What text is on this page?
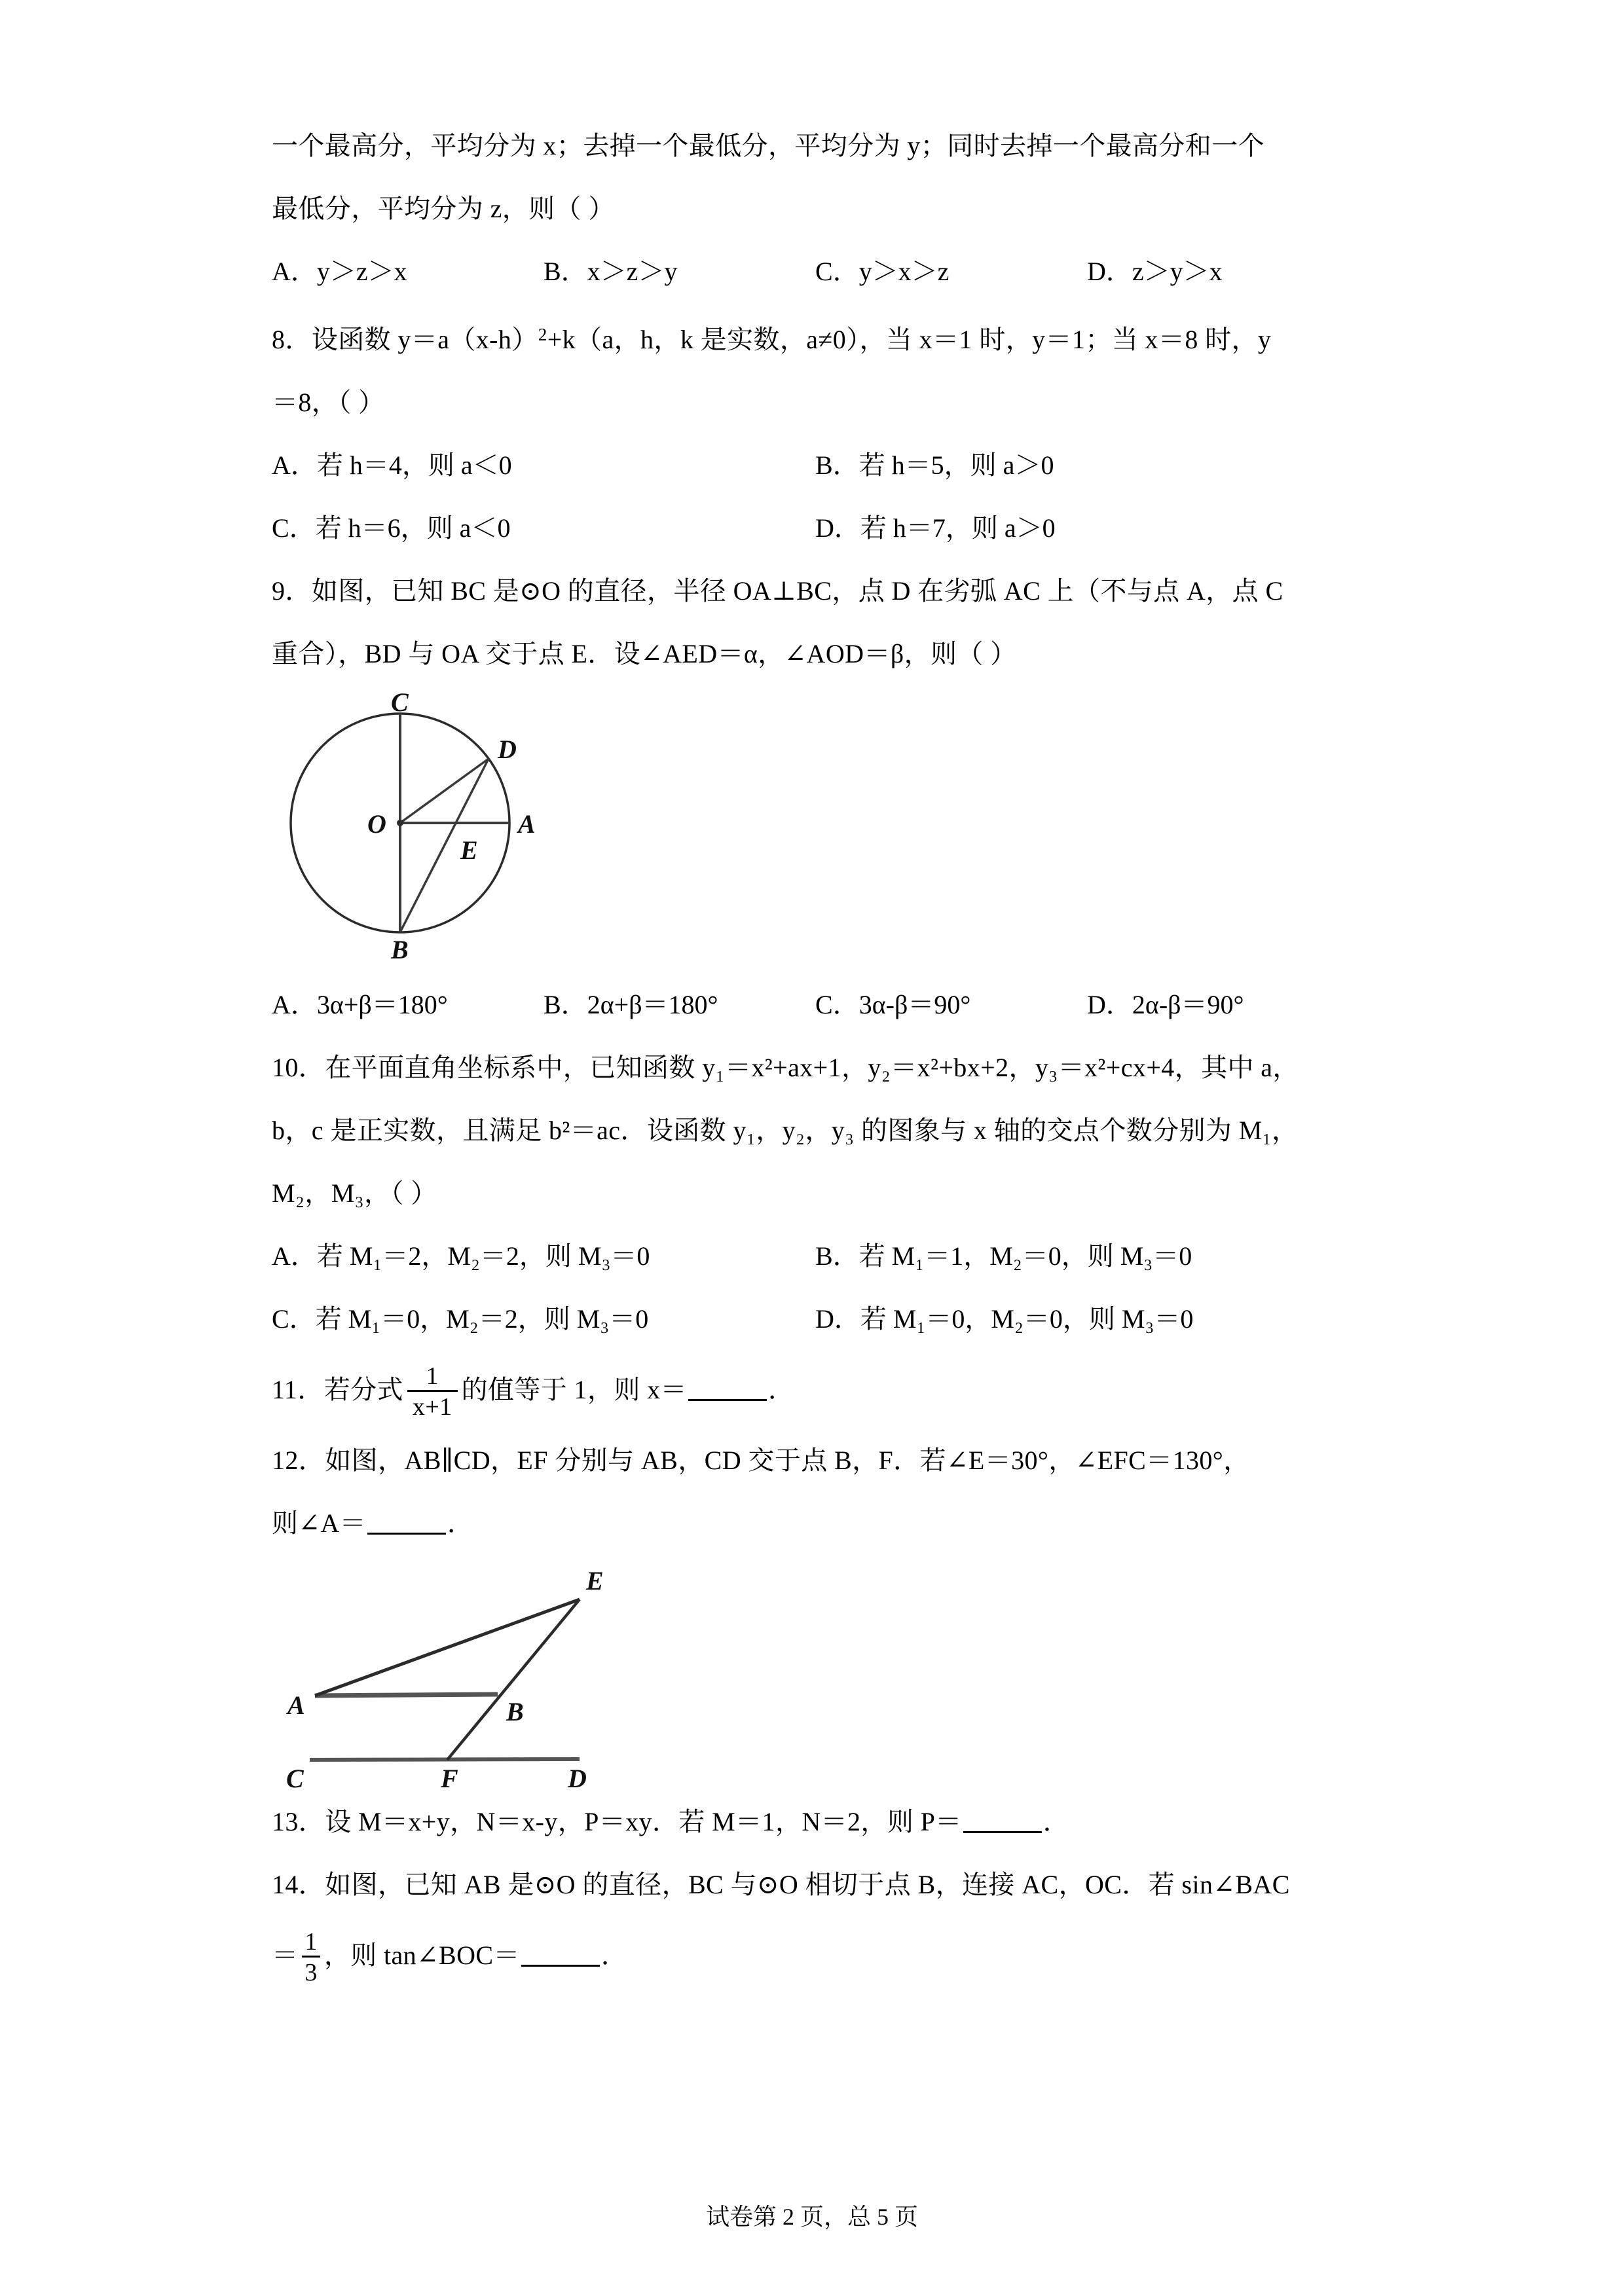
一个最高分，平均分为 x；去掉一个最低分，平均分为 y；同时去掉一个最高分和一个
最低分，平均分为 z，则（ ）
A．y＞z＞x	B．x＞z＞y	C．y＞x＞z	D．z＞y＞x
8．设函数 y＝a（x‑h）$^2$+k（a，h，k 是实数，a≠0），当 x＝1 时，y＝1；当 x＝8 时，y
＝8，（ ）
A．若 h＝4，则 a＜0	B．若 h＝5，则 a＞0
C．若 h＝6，则 a＜0	D．若 h＝7，则 a＞0
9．如图，已知 BC 是⊙O 的直径，半径 OA⊥BC，点 D 在劣弧 AC 上（不与点 A，点 C
重合），BD 与 OA 交于点 E．设∠AED＝α，∠AOD＝β，则（ ）
C
D
O	A
E
B
A．3α+β＝180°	B．2α+β＝180°	C．3α‑β＝90°	D．2α‑β＝90°
10．在平面直角坐标系中，已知函数 y₁＝x²+ax+1，y₂＝x²+bx+2，y₃＝x²+cx+4，其中 a，
b，c 是正实数，且满足 b²＝ac．设函数 y₁，y₂，y₃ 的图象与 x 轴的交点个数分别为 M₁，
M₂，M₃，（ ）
A．若 M₁＝2，M₂＝2，则 M₃＝0	B．若 M₁＝1，M₂＝0，则 M₃＝0
C．若 M₁＝0，M₂＝2，则 M₃＝0	D．若 M₁＝0，M₂＝0，则 M₃＝0
11．若分式 $\frac{1}{x+1}$ 的值等于 1，则 x＝	．
12．如图，AB∥CD，EF 分别与 AB，CD 交于点 B，F．若∠E＝30°，∠EFC＝130°，
则∠A＝	．
E
A	B
C	F	D
13．设 M＝x+y，N＝x‑y，P＝xy．若 M＝1，N＝2，则 P＝	．
14．如图，已知 AB 是⊙O 的直径，BC 与⊙O 相切于点 B，连接 AC，OC．若 sin∠BAC
＝ $\frac{1}{3}$ ，则 tan∠BOC＝	．
试卷第 2 页，总 5 页
